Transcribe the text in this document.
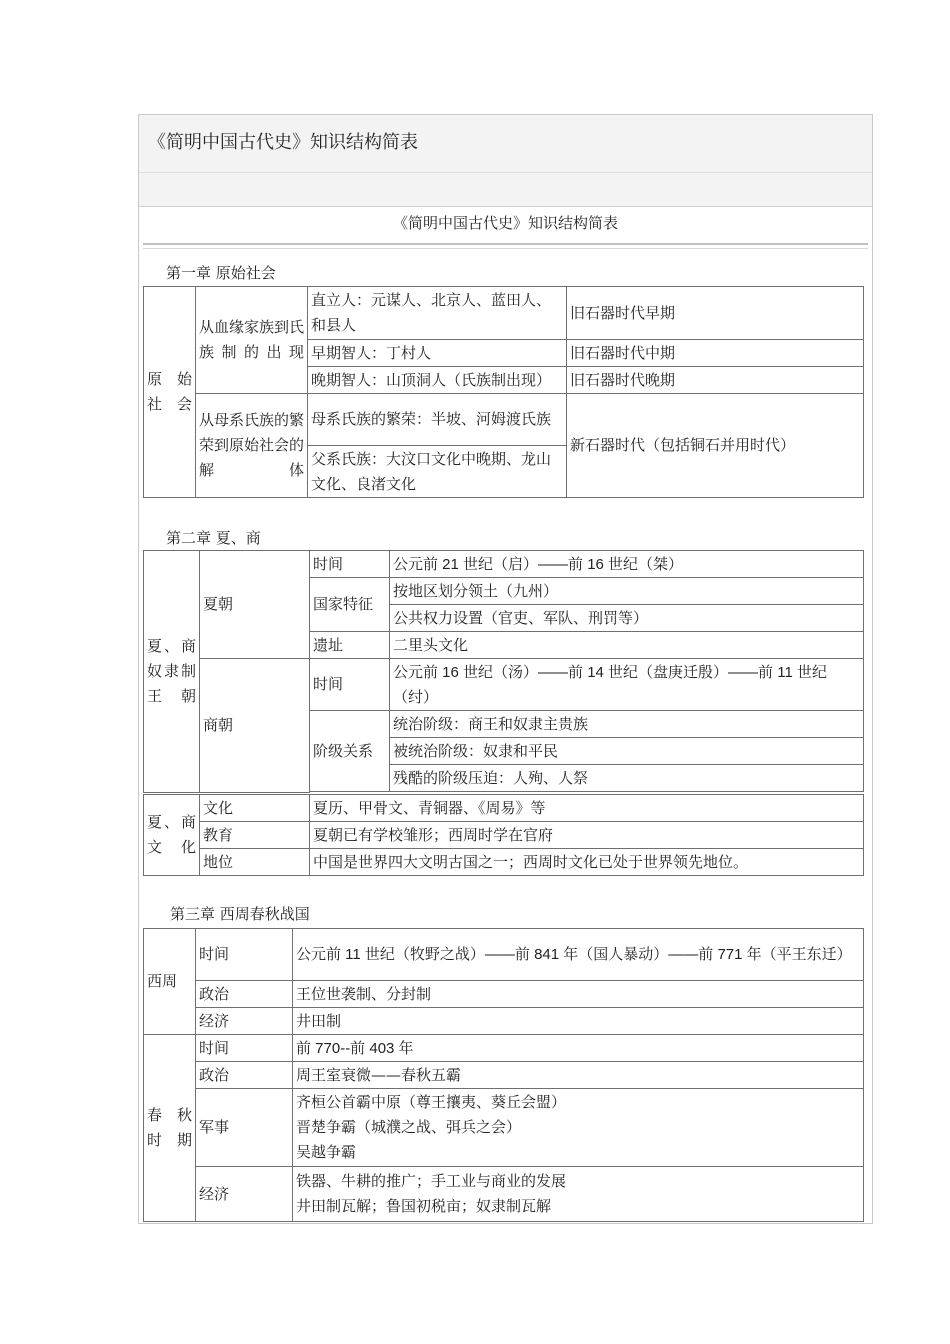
《简明中国古代史》知识结构简表
《简明中国古代史》知识结构简表
第一章 原始社会
原 始 社会	从血缘家族到氏族制的出现	直立人：元谋人、北京人、蓝田人、和县人	旧石器时代早期
		早期智人：丁村人	旧石器时代中期
		晚期智人：山顶洞人（氏族制出现）	旧石器时代晚期
	从母系氏族的繁荣到原始社会的解体	母系氏族的繁荣：半坡、河姆渡氏族	新石器时代（包括铜石并用时代）
		父系氏族：大汶口文化中晚期、龙山文化、良渚文化	
第二章 夏、商
夏、商奴隶制王朝	夏朝	时间	公元前 21 世纪（启）——前 16 世纪（桀）
		国家特征	按地区划分领土（九州）
			公共权力设置（官吏、军队、刑罚等）
		遗址	二里头文化
	商朝	时间	公元前 16 世纪（汤）——前 14 世纪（盘庚迁殷）——前 11 世纪（纣）
		阶级关系	统治阶级：商王和奴隶主贵族
			被统治阶级：奴隶和平民
			残酷的阶级压迫：人殉、人祭

夏、商文化	文化	夏历、甲骨文、青铜器、《周易》等
	教育	夏朝已有学校雏形；西周时学在官府
	地位	中国是世界四大文明古国之一；西周时文化已处于世界领先地位。
第三章 西周春秋战国
西周	时间	公元前 11 世纪（牧野之战）——前 841 年（国人暴动）——前 771 年（平王东迁）
	政治	王位世袭制、分封制
	经济	井田制
春 秋时期	时间	前 770--前 403 年
	政治	周王室衰微——春秋五霸
	军事	齐桓公首霸中原（尊王攘夷、葵丘会盟）
晋楚争霸（城濮之战、弭兵之会）
吴越争霸

	经济	铁器、牛耕的推广；手工业与商业的发展
井田制瓦解；鲁国初税亩；奴隶制瓦解
